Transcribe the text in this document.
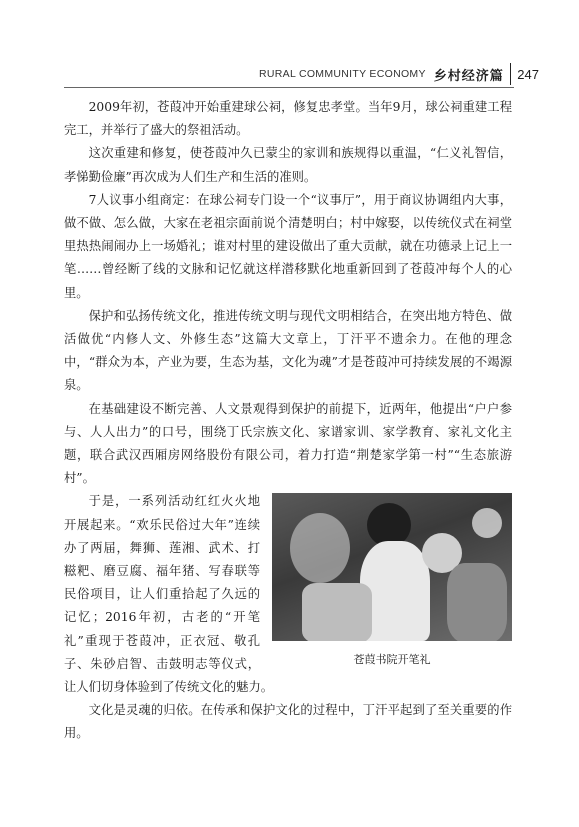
RURAL COMMUNITY ECONOMY 乡村经济篇 247

2009年初，苍葭冲开始重建球公祠，修复忠孝堂。当年9月，球公祠重建工程完工，并举行了盛大的祭祖活动。

这次重建和修复，使苍葭冲久已蒙尘的家训和族规得以重温，“仁义礼智信，孝悌勤俭廉”再次成为人们生产和生活的准则。

7人议事小组商定：在球公祠专门设一个“议事厅”，用于商议协调组内大事，做不做、怎么做，大家在老祖宗面前说个清楚明白；村中嫁娶，以传统仪式在祠堂里热热闹闹办上一场婚礼；谁对村里的建设做出了重大贡献，就在功德录上记上一笔……曾经断了线的文脉和记忆就这样潜移默化地重新回到了苍葭冲每个人的心里。

保护和弘扬传统文化，推进传统文明与现代文明相结合，在突出地方特色、做活做优“内修人文、外修生态”这篇大文章上，丁汗平不遗余力。在他的理念中，“群众为本，产业为要，生态为基，文化为魂”才是苍葭冲可持续发展的不竭源泉。

在基础建设不断完善、人文景观得到保护的前提下，近两年，他提出“户户参与、人人出力”的口号，围绕丁氏宗族文化、家谱家训、家学教育、家礼文化主题，联合武汉西厢房网络股份有限公司，着力打造“荆楚家学第一村”“生态旅游村”。

苍葭书院开笔礼

于是，一系列活动红红火火地开展起来。“欢乐民俗过大年”连续办了两届，舞狮、莲湘、武术、打糍粑、磨豆腐、福年猪、写春联等民俗项目，让人们重拾起了久远的记忆；2016年初，古老的“开笔礼”重现于苍葭冲，正衣冠、敬孔子、朱砂启智、击鼓明志等仪式，让人们切身体验到了传统文化的魅力。

文化是灵魂的归依。在传承和保护文化的过程中，丁汗平起到了至关重要的作用。
